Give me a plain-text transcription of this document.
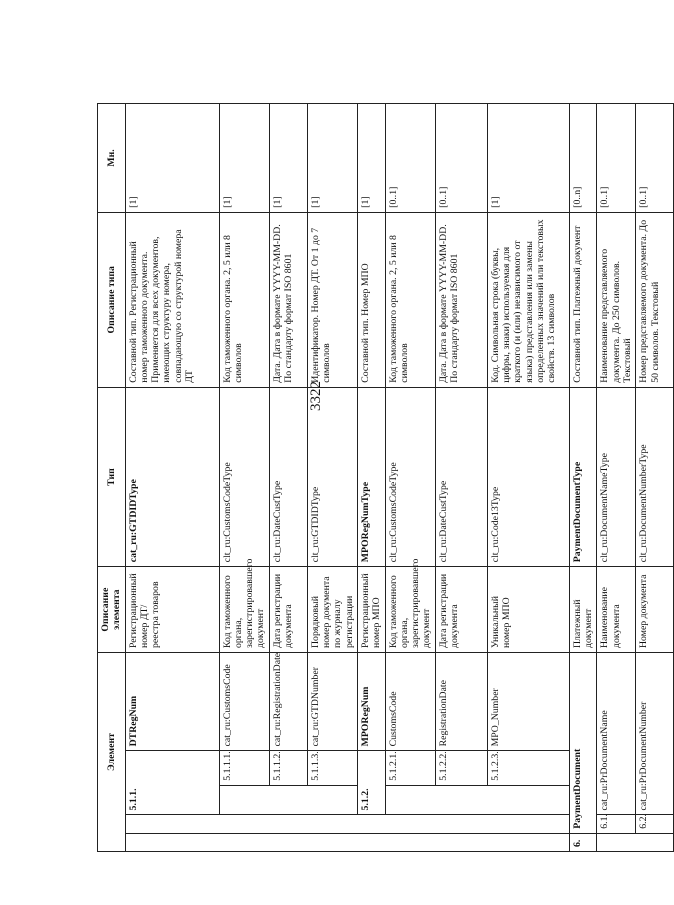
3322
Элемент					Описание элемента	Тип	Описание типа	Мн.	
		5.1.1.		DTRegNum	Регистрационный номер ДТ/ реестра товаров	cat_ru:GTDIDType	Составной тип. Регистрационный номер таможенного документа. Применяется для всех документов, имеющих структуру номера, совпадающую со структурой номера ДТ	[1]	
			5.1.1.1.	cat_ru:CustomsCode	Код таможенного органа, зарегистрировавшего документ	clt_ru:CustomsCodeType	Код таможенного органа. 2, 5 или 8 символов	[1]	
			5.1.1.2.	cat_ru:RegistrationDate	Дата регистрации документа	clt_ru:DateCustType	Дата. Дата в формате YYYY-MM-DD. По стандарту формат ISO 8601	[1]	
			5.1.1.3.	cat_ru:GTDNumber	Порядковый номер документа по журналу регистрации	clt_ru:GTDIDType	Идентификатор. Номер ДТ. От 1 до 7 символов	[1]	
		5.1.2.		MPORegNum	Регистрационный номер МПО	MPORegNumType	Составной тип. Номер МПО	[1]	
			5.1.2.1.	CustomsCode	Код таможенного органа, зарегистрировавшего документ	clt_ru:CustomsCodeType	Код таможенного органа. 2, 5 или 8 символов	[0..1]	
			5.1.2.2.	RegistrationDate	Дата регистрации документа	clt_ru:DateCustType	Дата. Дата в формате YYYY-MM-DD. По стандарту формат ISO 8601	[0..1]	
			5.1.2.3.	MPO_Number	Уникальный номер МПО	clt_ru:Code13Type	Код. Символьная строка (буквы, цифры, знаки) используемая для краткого (и (или) независимого от языка) представления или замены определенных значений или текстовых свойств. 13 символов	[1]	
6.	PaymentDocument				Платежный документ	PaymentDocumentType	Составной тип. Платежный документ	[0..n]	
	6.1.	cat_ru:PrDocumentName			Наименование документа	clt_ru:DocumentNameType	Наименование представляемого документа. До 250 символов. Текстовый	[0..1]	
	6.2.	cat_ru:PrDocumentNumber			Номер документа	clt_ru:DocumentNumberType	Номер представляемого документа. До 50 символов. Текстовый	[0..1]	
